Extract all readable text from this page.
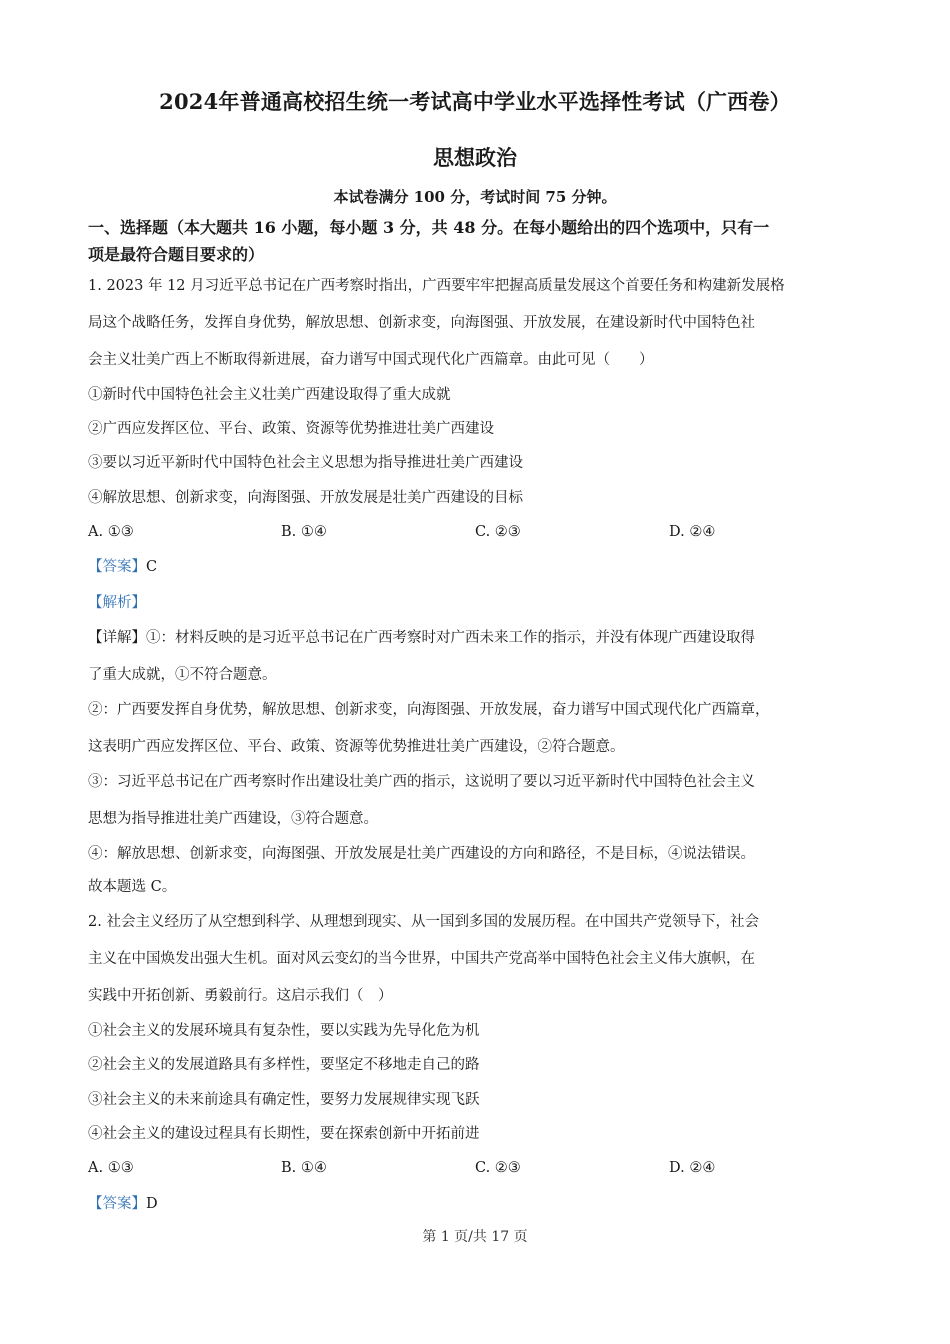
2024年普通高校招生统一考试高中学业水平选择性考试（广西卷）
思想政治
本试卷满分 100 分，考试时间 75 分钟。
一、选择题（本大题共 16 小题，每小题 3 分，共 48 分。在每小题给出的四个选项中，只有一
项是最符合题目要求的）
1. 2023 年 12 月习近平总书记在广西考察时指出，广西要牢牢把握高质量发展这个首要任务和构建新发展格
局这个战略任务，发挥自身优势，解放思想、创新求变，向海图强、开放发展，在建设新时代中国特色社
会主义壮美广西上不断取得新进展，奋力谱写中国式现代化广西篇章。由此可见（　　）
①新时代中国特色社会主义壮美广西建设取得了重大成就
②广西应发挥区位、平台、政策、资源等优势推进壮美广西建设
③要以习近平新时代中国特色社会主义思想为指导推进壮美广西建设
④解放思想、创新求变，向海图强、开放发展是壮美广西建设的目标
A. ①③	B. ①④	C. ②③	D. ②④
【答案】C
【解析】
【详解】①：材料反映的是习近平总书记在广西考察时对广西未来工作的指示，并没有体现广西建设取得
了重大成就，①不符合题意。
②：广西要发挥自身优势，解放思想、创新求变，向海图强、开放发展，奋力谱写中国式现代化广西篇章，
这表明广西应发挥区位、平台、政策、资源等优势推进壮美广西建设，②符合题意。
③：习近平总书记在广西考察时作出建设壮美广西的指示，这说明了要以习近平新时代中国特色社会主义
思想为指导推进壮美广西建设，③符合题意。
④：解放思想、创新求变，向海图强、开放发展是壮美广西建设的方向和路径，不是目标，④说法错误。
故本题选 C。
2. 社会主义经历了从空想到科学、从理想到现实、从一国到多国的发展历程。在中国共产党领导下，社会
主义在中国焕发出强大生机。面对风云变幻的当今世界，中国共产党高举中国特色社会主义伟大旗帜，在
实践中开拓创新、勇毅前行。这启示我们（　）
①社会主义的发展环境具有复杂性，要以实践为先导化危为机
②社会主义的发展道路具有多样性，要坚定不移地走自己的路
③社会主义的未来前途具有确定性，要努力发展规律实现飞跃
④社会主义的建设过程具有长期性，要在探索创新中开拓前进
A. ①③	B. ①④	C. ②③	D. ②④
【答案】D
第 1 页/共 17 页
